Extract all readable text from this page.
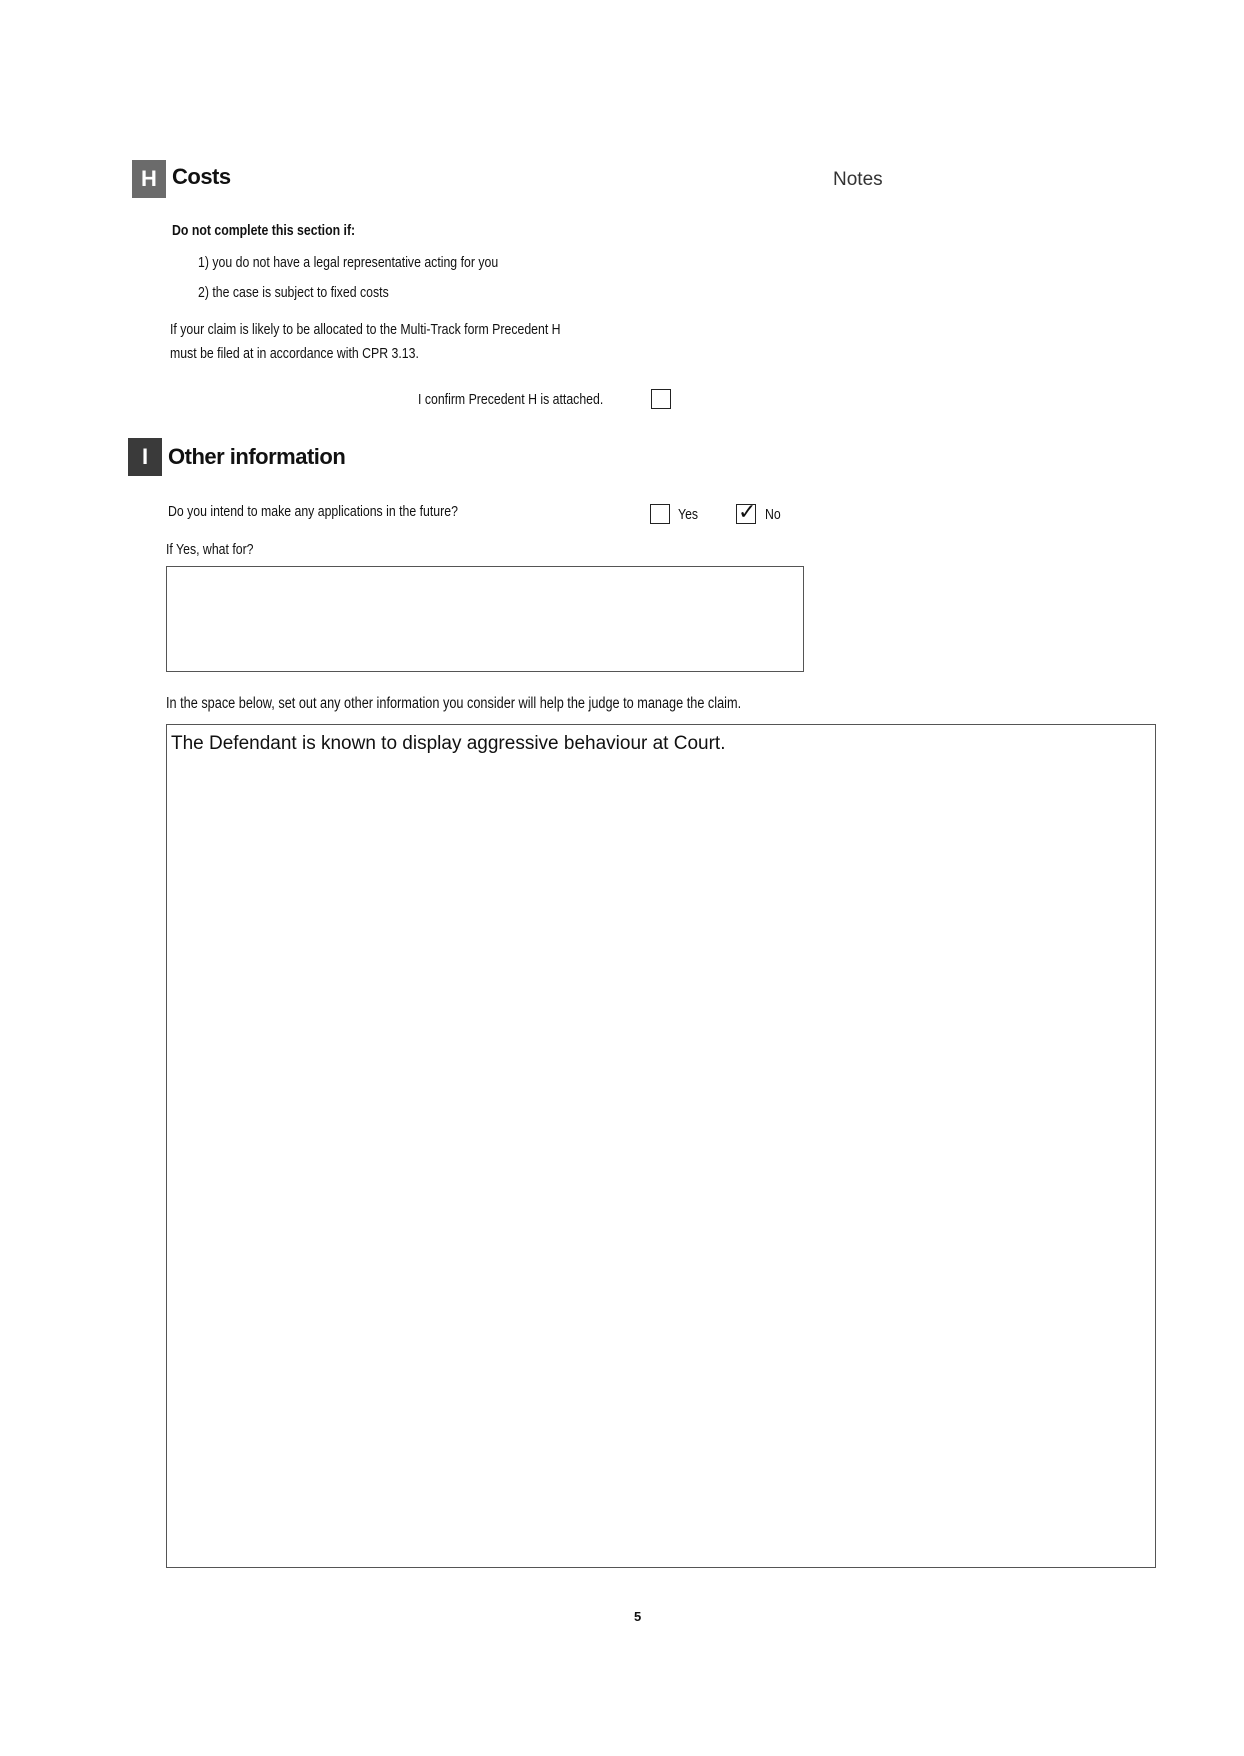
Notes
H Costs
Do not complete this section if:
1) you do not have a legal representative acting for you
2) the case is subject to fixed costs
If your claim is likely to be allocated to the Multi-Track form Precedent H
must be filed at in accordance with CPR 3.13.
I confirm Precedent H is attached.
I Other information
Do you intend to make any applications in the future?	Yes ✓ No
If Yes, what for?
In the space below, set out any other information you consider will help the judge to manage the claim.
The Defendant is known to display aggressive behaviour at Court.
5
